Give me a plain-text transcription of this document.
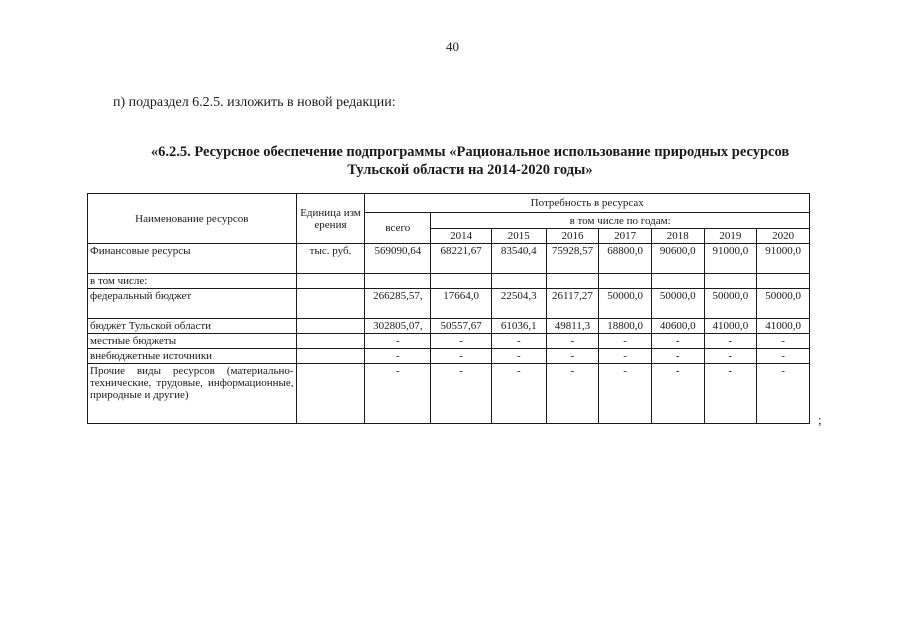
40
п) подраздел 6.2.5. изложить в новой редакции:
«6.2.5. Ресурсное обеспечение подпрограммы «Рациональное использование природных ресурсов
Тульской области на 2014-2020 годы»
Наименование ресурсов	Единица измерения	Потребность в ресурсах							
		всего	в том числе по годам:						
			2014	2015	2016	2017	2018	2019	2020
Финансовые ресурсы	тыс. руб.	569090,64	68221,67	83540,4	75928,57	68800,0	90600,0	91000,0	91000,0
в том числе:									
федеральный бюджет		266285,57,	17664,0	22504,3	26117,27	50000,0	50000,0	50000,0	50000,0
бюджет Тульской области		302805,07,	50557,67	61036,1	49811,3	18800,0	40600,0	41000,0	41000,0
местные бюджеты		-	-	-	-	-	-	-	-
внебюджетные источники		-	-	-	-	-	-	-	-
Прочие виды ресурсов (материально-технические, трудовые, информационные, природные и другие)		-	-	-	-	-	-	-	-
;
